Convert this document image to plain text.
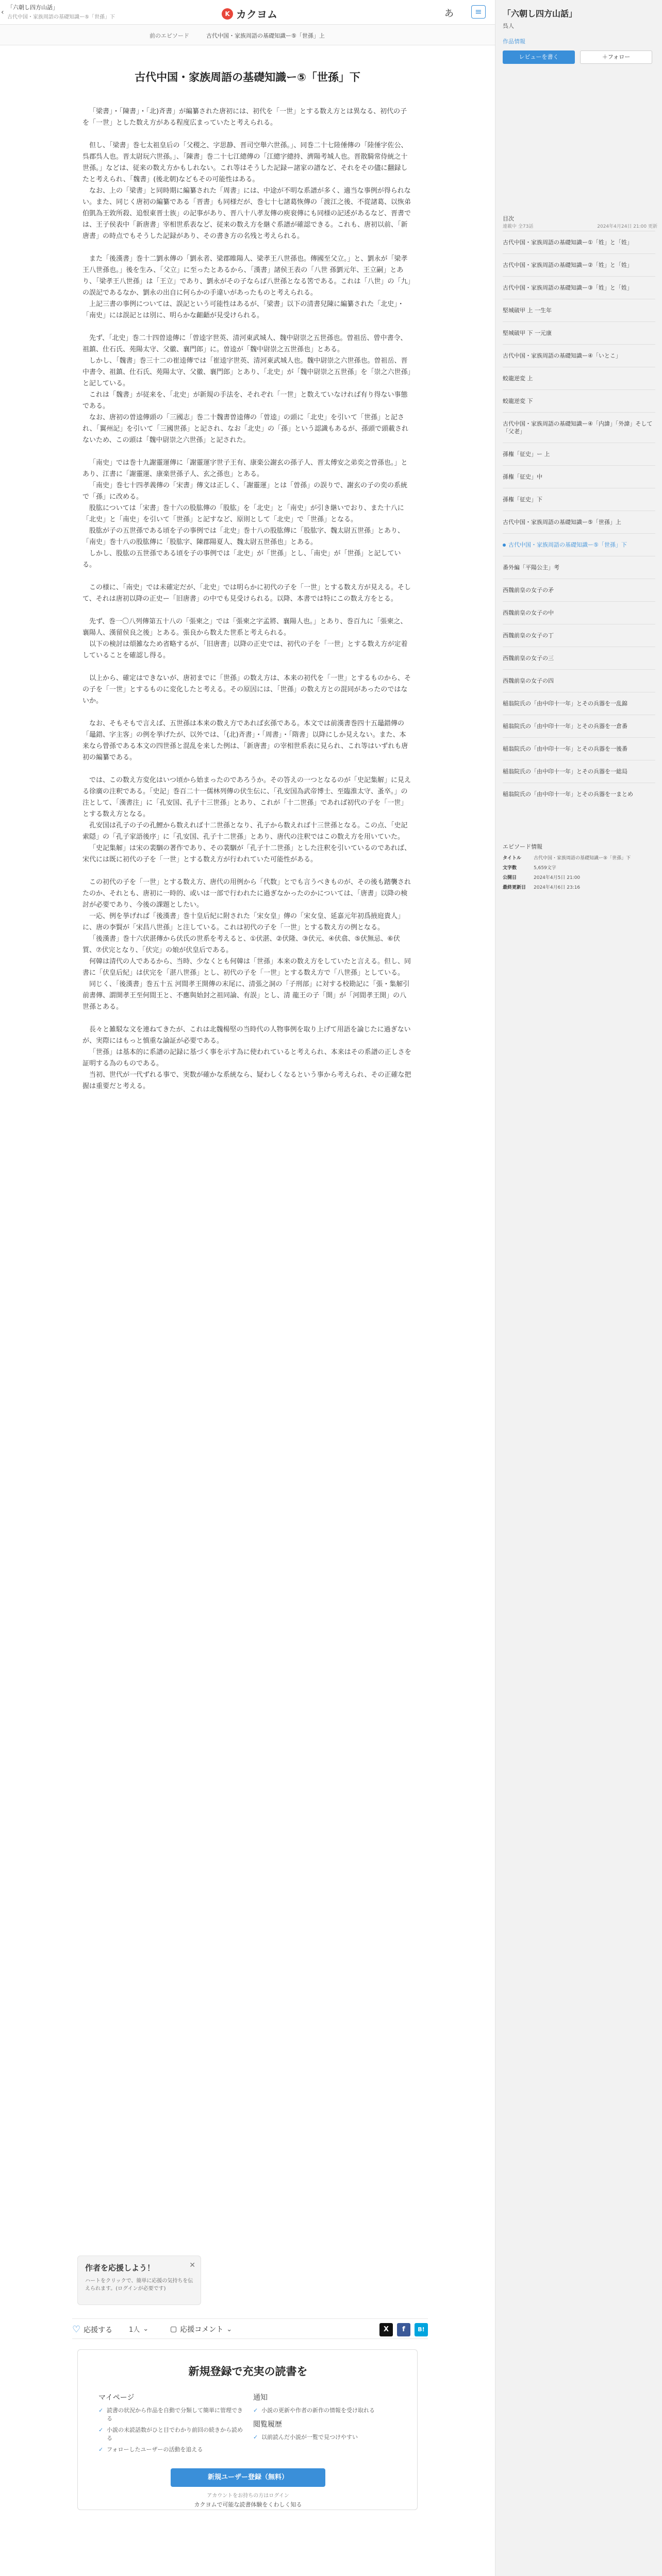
‹
「六朝し四方山話」
古代中国・家族周語の基礎知識ー⑤「世孫」下	K カクヨム	あ	≡
前のエピソード	古代中国・家族周語の基礎知識ー⑤「世孫」上
古代中国・家族周語の基礎知識ー⑤「世孫」下

「梁書」・「陳書」・「北)斉書」が編纂された唐初には、初代を「一世」とする数え方とは異なる、初代の子を「一世」とした数え方がある程度広まっていたと考えられる。

但し、「梁書」巻七太祖皇后の「父稷之、字思静、晋司空舉六世孫。」、同巻二十七陸倕傳の「陸倕字佐公、呉郡呉人也。晋太尉玩六世孫。」、「陳書」巻二十七江總傳の「江總字總持、濟陽考城人也。晋散騎常侍統之十世孫。」などは、従来の数え方かもしれない。これ等はそうした記録ー諸家の譜など、それをその儘に翻録したと考えられ、「魏書」(後北朝)などもその可能性はある。

なお、上の「梁書」と同時期に編纂された「周書」には、中途が不明な系譜が多く、適当な事例が得られない。また、同じく唐初の編纂である「晋書」も同様だが、巻七十七諸葛恢傳の「渡江之後、不從諸葛、以恢弟伯凱為王敦所殺、追恨東晋士族」の記事があり、晋八十八孝友傳の庾衮傳にも同様の記述があるなど、晋書では、王子侯表中「新唐書」宰相世系表など、従来の数え方を継ぐ系譜が確認できる。これも、唐初以前、「新唐書」の時点でもそうした記録があり、その書き方の名残と考えられる。

また「後漢書」巻十二劉永傳の「劉永者、梁郡睢陽人、梁孝王八世孫也。傳國至父立。」と、劉永が「梁孝王八世孫也。」後を生み、「父立」に至ったとあるから、「漢書」諸侯王表の「八世 孫劉元年、王立嗣」とあり、「梁孝王八世孫」は「王立」であり、劉永がその子ならば八世孫となる筈である。これは「八世」の「九」の誤記であるなか、劉永の出自に何らかの手違いがあったものと考えられる。

上記三書の事例については、誤記という可能性はあるが、「梁書」以下の清書兒陳に編纂された「北史」・「南史」には誤記とは別に、明らかな齟齬が見受けられる。

先ず、「北史」巻二十四曽逵傳に「曽逵字世英、清河東武城人、魏中尉崇之五世孫也。曽祖岳、曾中書令、祖鎮、仕石氏、苑陽太守、父徽、襄門郎」に。曽逵が「魏中尉崇之五世孫也」とある。

しかし、「魏書」巻三十二の崔逵傳では「崔逵字世英、清河東武城人也。魏中尉崇之六世孫也。曽祖岳、晋中書令、祖鎮、仕石氏、苑陽太守、父徽、襄門郎」とあり、「北史」が「魏中尉崇之五世孫」を「崇之六世孫」と記している。

これは「魏書」が従来を、「北史」が新規の手法を、それぞれ「一世」と数えていなければ有り得ない事態である。

なお、唐初の曽逵傳頭の「三國志」巻二十魏書曽逵傳の「曽逵」の頭に「北史」を引いて「世孫」と記され、「翼州記」を引いて「三國世孫」と記され、なお「北史」の「孫」という認識もあるが、孫頭で頭載されないため、この頭は「魏中尉崇之六世孫」と記された。

「南史」では巻十九謝靈運傳に「謝靈運字世子王有、康楽公謝玄の孫子人、晋太傅安之弟奕之曽孫也。」とあり、江書に「謝靈運、康楽世孫子人、玄之孫也」とある。

「南史」巻七十四孝義傳の「宋書」傳文は正しく、「謝靈運」とは「曽孫」の誤りで、謝玄の子の奕の系統で「孫」に改める。

股肱については「宋書」巻十六の股肱傳の「股肱」を「北史」と「南史」が引き継いでおり、また十八に「北史」と「南史」を引いて「世孫」と記すなど、原則として「北史」で「世孫」となる。

股肱が子の五世孫である頃を子の事例では「北史」巻十八の股肱傳に「股肱字、魏太尉五世孫」とあり、「南史」巻十八の股肱傳に「股肱字、陳郡陽夏人、魏太尉五世孫也」とある。

しかし、股肱の五世孫である頃を子の事例では「北史」が「世孫」とし、「南史」が「世孫」と記している。

この様に、「南史」では未確定だが、「北史」では明らかに初代の子を「一世」とする数え方が見える。そして、それは唐初以降の正史ー「旧唐書」の中でも見受けられる。以降、本書では特にこの数え方をとる。

先ず、巻一〇八列傳第五十八の「張柬之」では「張柬之字孟將、襄陽人也。」とあり、巻百九に「張柬之、襄陽人、漢留侯良之後」とある。張良から数えた世系と考えられる。

以下の検討は煩雑なため省略するが、「旧唐書」以降の正史では、初代の子を「一世」とする数え方が定着していることを確認し得る。

以上から、確定はできないが、唐初までに「世孫」の数え方は、本来の初代を「一世」とするものから、その子を「一世」とするものに変化したと考える。その原因には、「世孫」の数え方との混同があったのではないか。

なお、そもそもで言えば、五世孫は本来の数え方であれば玄孫である。本文では前漢書巻四十五鼂錯傳の「鼂錯、字主客」の例を挙げたが、以外では、「(北)斉書」・「周書」・「隋書」以降にしか見えない。また、本来なら曾孫である本文の四世孫と混乱を来した例は、「新唐書」の宰相世系表に見られ、これ等はいずれも唐初の編纂である。

では、この数え方変化はいつ頃から始まったのであろうか。その答えの一つとなるのが「史記集解」に見える徐廣の注釈である。「史記」巻百二十一儒林列傳の伏生伝に、「孔安国為武帝博士、至臨淮太守、蚤卒。」の注として、「漢書注」に「孔安国、孔子十三世孫」とあり、これが「十二世孫」であれば初代の子を「一世」とする数え方となる。

孔安国は孔子の子の孔鯉から数えれば十二世孫となり、孔子から数えれば十三世孫となる。この点、「史記索隠」の「孔子家語後序」に「孔安国、孔子十二世孫」とあり、唐代の注釈ではこの数え方を用いていた。

「史記集解」は宋の裴駰の著作であり、その裴駰が「孔子十二世孫」とした注釈を引いているのであれば、宋代には既に初代の子を「一世」とする数え方が行われていた可能性がある。

この初代の子を「一世」とする数え方、唐代の用例から「代数」とでも言うべきものが、その後も踏襲されたのか、それとも、唐初に一時的、或いは一部で行われたに過ぎなかったのかについては、「唐書」以降の検討が必要であり、今後の課題としたい。

一応、例を挙げれば「後漢書」巻十皇后紀に附された「宋女皇」傳の「宋女皇、延嘉元年初爲掖庭貴人」に、唐の李賢が「宋昌八世孫」と注している。これは初代の子を「一世」とする数え方の例となる。

「後漢書」巻十六伏湛傳から伏氏の世系を考えると、①伏湛、②伏隆、③伏元、④伏翕、⑤伏無忌、⑥伏質、⑦伏完となり、「伏完」の娘が伏皇后である。

何韓は清代の人であるから、当時、少なくとも何韓は「世孫」本来の数え方をしていたと言える。但し、同書に「伏皇后紀」は伏完を「湛八世孫」とし、初代の子を「一世」とする数え方で「八世孫」としている。

同じく、「後漢書」巻五十五 河間孝王開傳の末尾に、清張之洞の「子刑部」に対する校勘記に「張・集解引前書傳、謂開孝王至何間王と、不應與始封之祖同論、有誤」とし、清 龍王の子「開」が「河間孝王開」の八世孫とある。

長々と雑駁な文を連ねてきたが、これは北魏楊堅の当時代の人物事例を取り上げて用語を論じたに過ぎないが、実際にはもっと慎重な論証が必要である。

「世孫」は基本的に系譜の記録に基づく事を示す為に使われていると考えられ、本来はその系譜の正しさを証明する為のものである。

当初、世代が一代ずれる事で、実数が確かな系統なら、疑わしくなるという事から考えられ、その正確な把握は重要だと考える。

作者を応援しよう！
ハートをクリックで、簡単に応援の気持ちを伝えられます。(ログインが必要です)
✕
♡ 応援する 1人 ⌄	▢ 応援コメント ⌄	X	f	B!
新規登録で充実の読書を
マイページ
✓ 読書の状況から作品を自動で分類して簡単に管理できる
✓ 小説の未読話数がひと目でわかり前回の続きから読める
✓ フォローしたユーザーの活動を追える
通知
✓ 小説の更新や作者の新作の情報を受け取れる
閲覧履歴
✓ 以前読んだ小説が一覧で見つけやすい
新規ユーザー登録（無料）
アカウントをお持ちの方はログイン
カクヨムで可能な読書体験をくわしく知る
「六朝し四方山話」
呉人
作品情報
レビューを書く	＋フォロー
目次
連載中 全73話	2024年4月24日 21:00 更新
古代中国・家族周語の基礎知識ー①「姓」と「姓」
古代中国・家族周語の基礎知識ー②「姓」と「姓」
古代中国・家族周語の基礎知識ー③「姓」と「姓」
堅城破甲 上 一生年
堅城破甲 下 一元康
古代中国・家族周語の基礎知識ー④「いとこ」
蛟龍逆変 上
蛟龍逆変 下
古代中国・家族周語の基礎知識ー④「内諱」「外諱」そして「父老」
孫権「征史」ー 上
孫権「征史」中
孫権「征史」下
古代中国・家族周語の基礎知識ー⑤「世孫」上
古代中国・家族周語の基礎知識ー⑤「世孫」下
番外編「平陽公主」考
西魏前皇の女子の矛
西魏前皇の女子の中
西魏前皇の女子の丁
西魏前皇の女子の三
西魏前皇の女子の四
稲翁院氏の「由中印十一年」とその兵器を一乱錦
稲翁院氏の「由中印十一年」とその兵器を一倉番
稲翁院氏の「由中印十一年」とその兵器を一後番
稲翁院氏の「由中印十一年」とその兵器を一総局
稲翁院氏の「由中印十一年」とその兵器を一まとめ
エピソード情報
タイトル	古代中国・家族周語の基礎知識ー⑤「世孫」下
文字数	5,659文字
公開日	2024年4月5日 21:00
最終更新日	2024年4月6日 23:16
